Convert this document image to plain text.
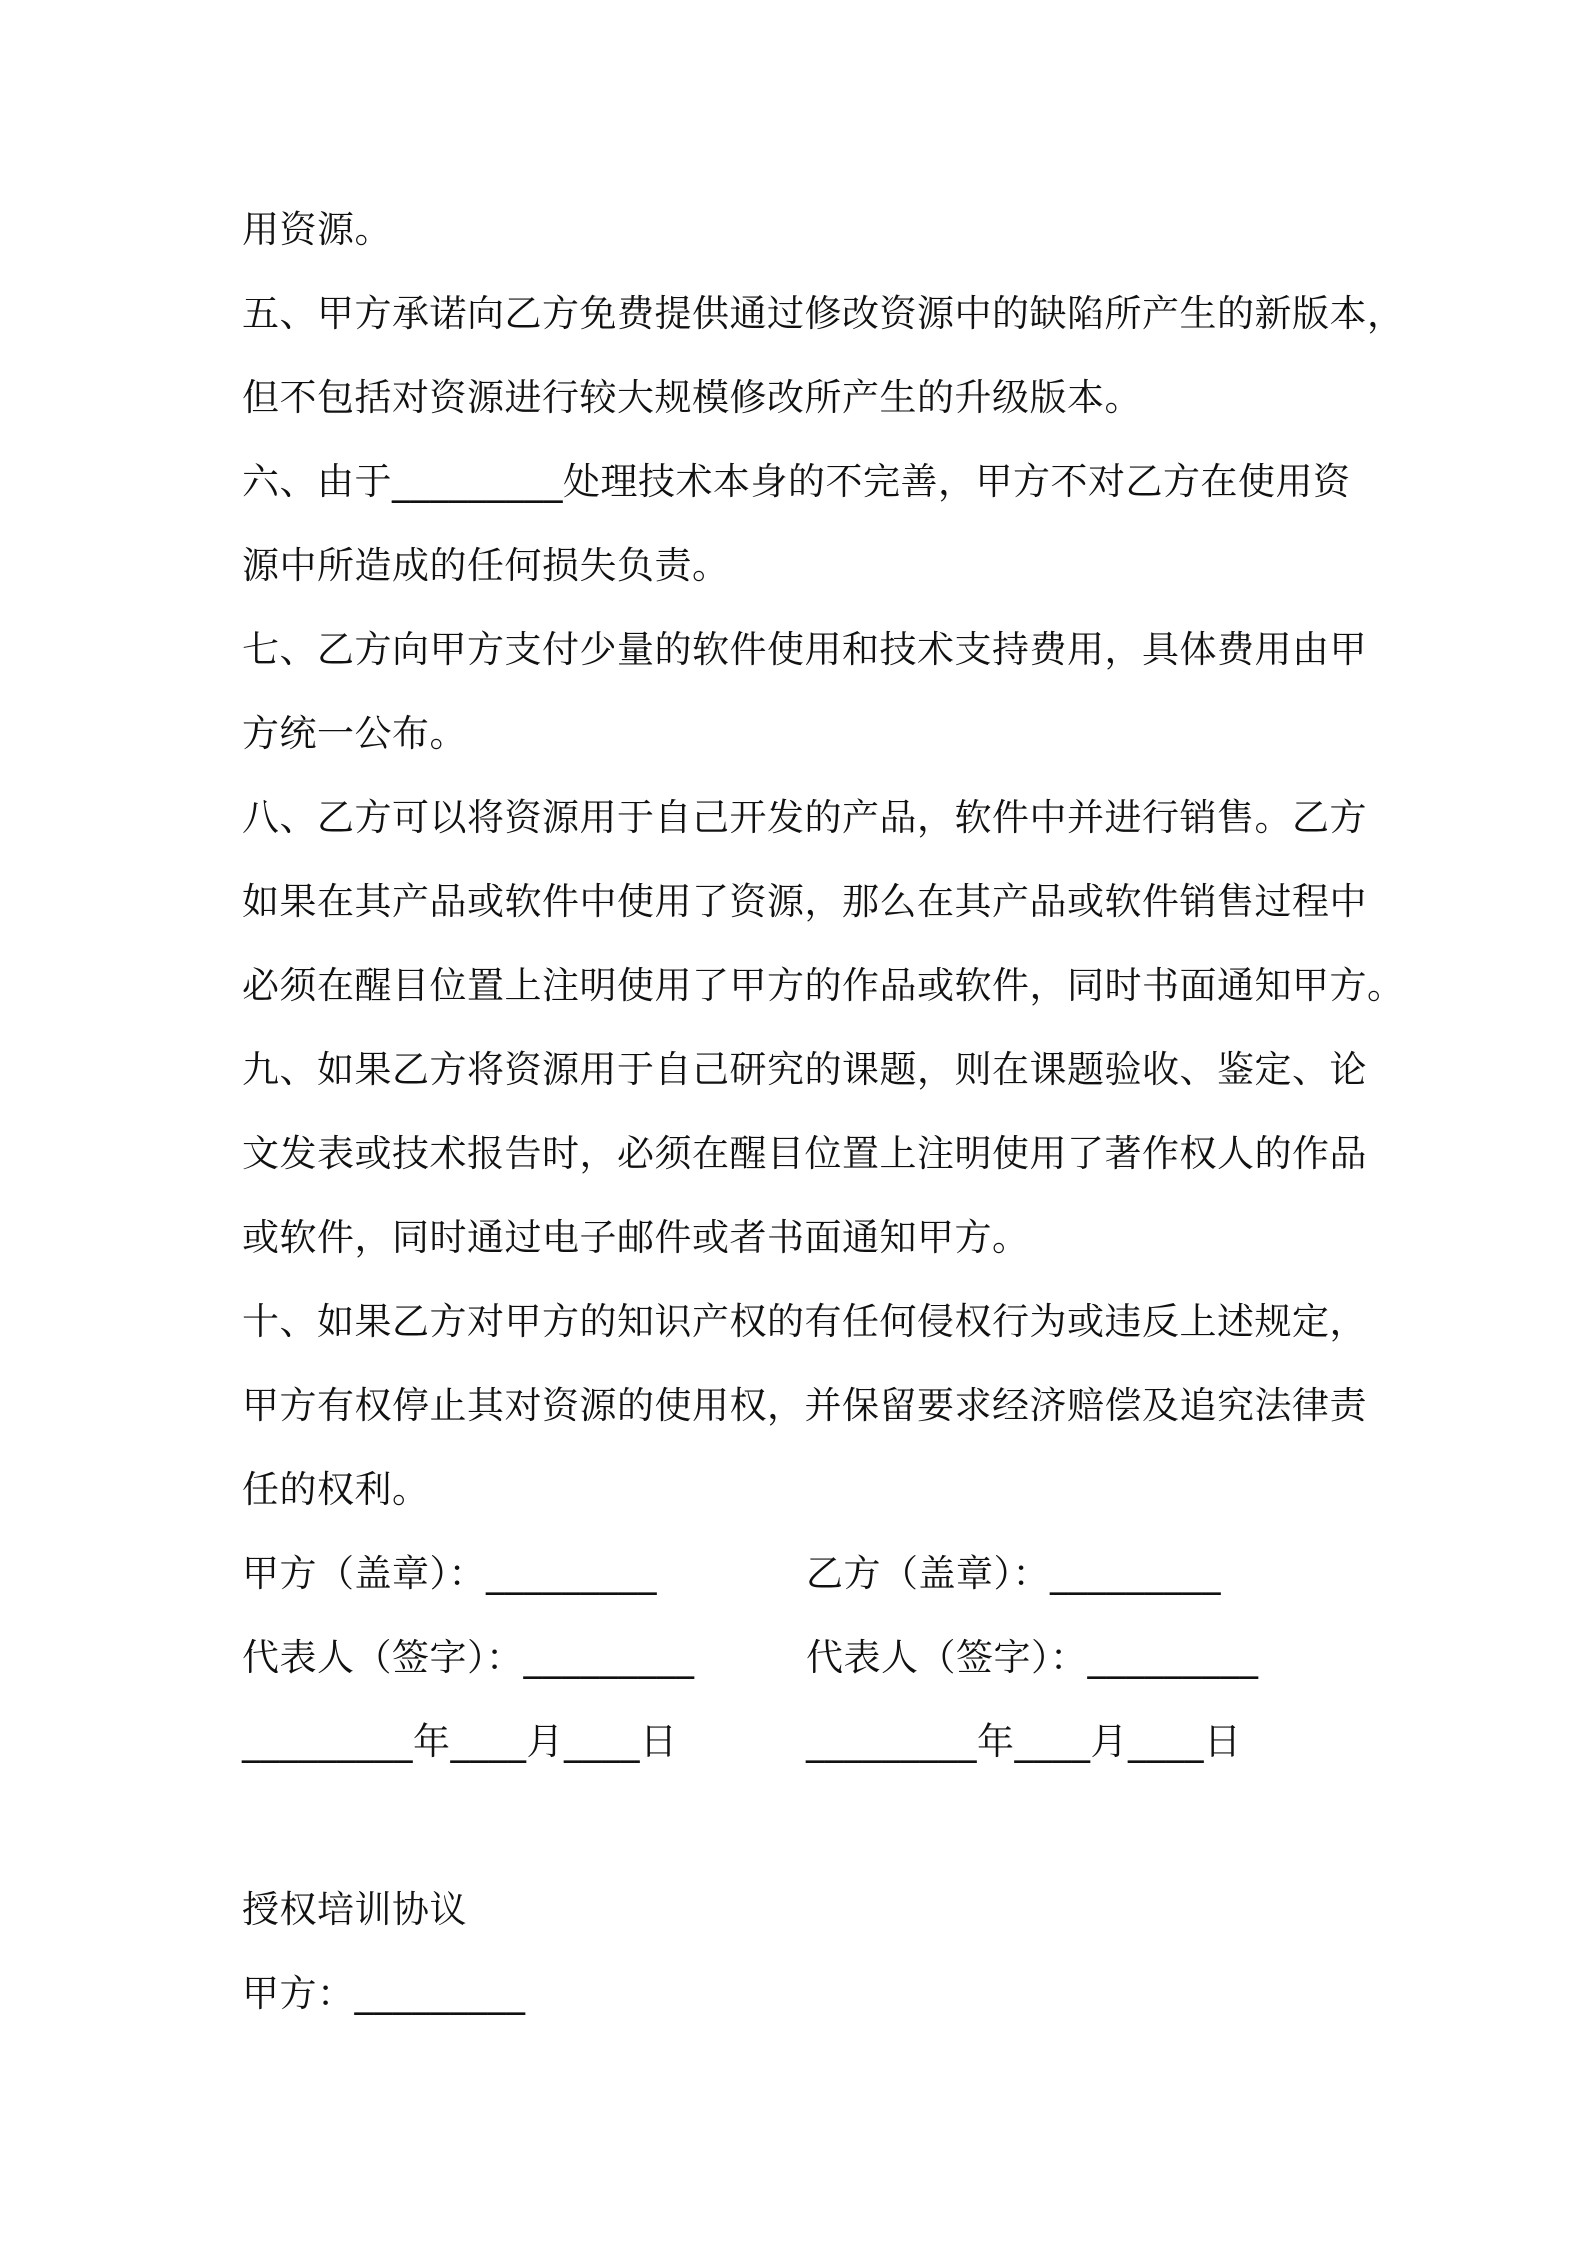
用资源。
五、甲方承诺向乙方免费提供通过修改资源中的缺陷所产生的新版本，
但不包括对资源进行较大规模修改所产生的升级版本。
六、由于_________处理技术本身的不完善，甲方不对乙方在使用资
源中所造成的任何损失负责。
七、乙方向甲方支付少量的软件使用和技术支持费用，具体费用由甲
方统一公布。
八、乙方可以将资源用于自己开发的产品，软件中并进行销售。乙方
如果在其产品或软件中使用了资源，那么在其产品或软件销售过程中
必须在醒目位置上注明使用了甲方的作品或软件，同时书面通知甲方。
九、如果乙方将资源用于自己研究的课题，则在课题验收、鉴定、论
文发表或技术报告时，必须在醒目位置上注明使用了著作权人的作品
或软件，同时通过电子邮件或者书面通知甲方。
十、如果乙方对甲方的知识产权的有任何侵权行为或违反上述规定，
甲方有权停止其对资源的使用权，并保留要求经济赔偿及追究法律责
任的权利。
甲方（盖章）：_________	乙方（盖章）：_________
代表人（签字）：_________	代表人（签字）：_________
_________年____月____日	_________年____月____日
授权培训协议
甲方：_________
